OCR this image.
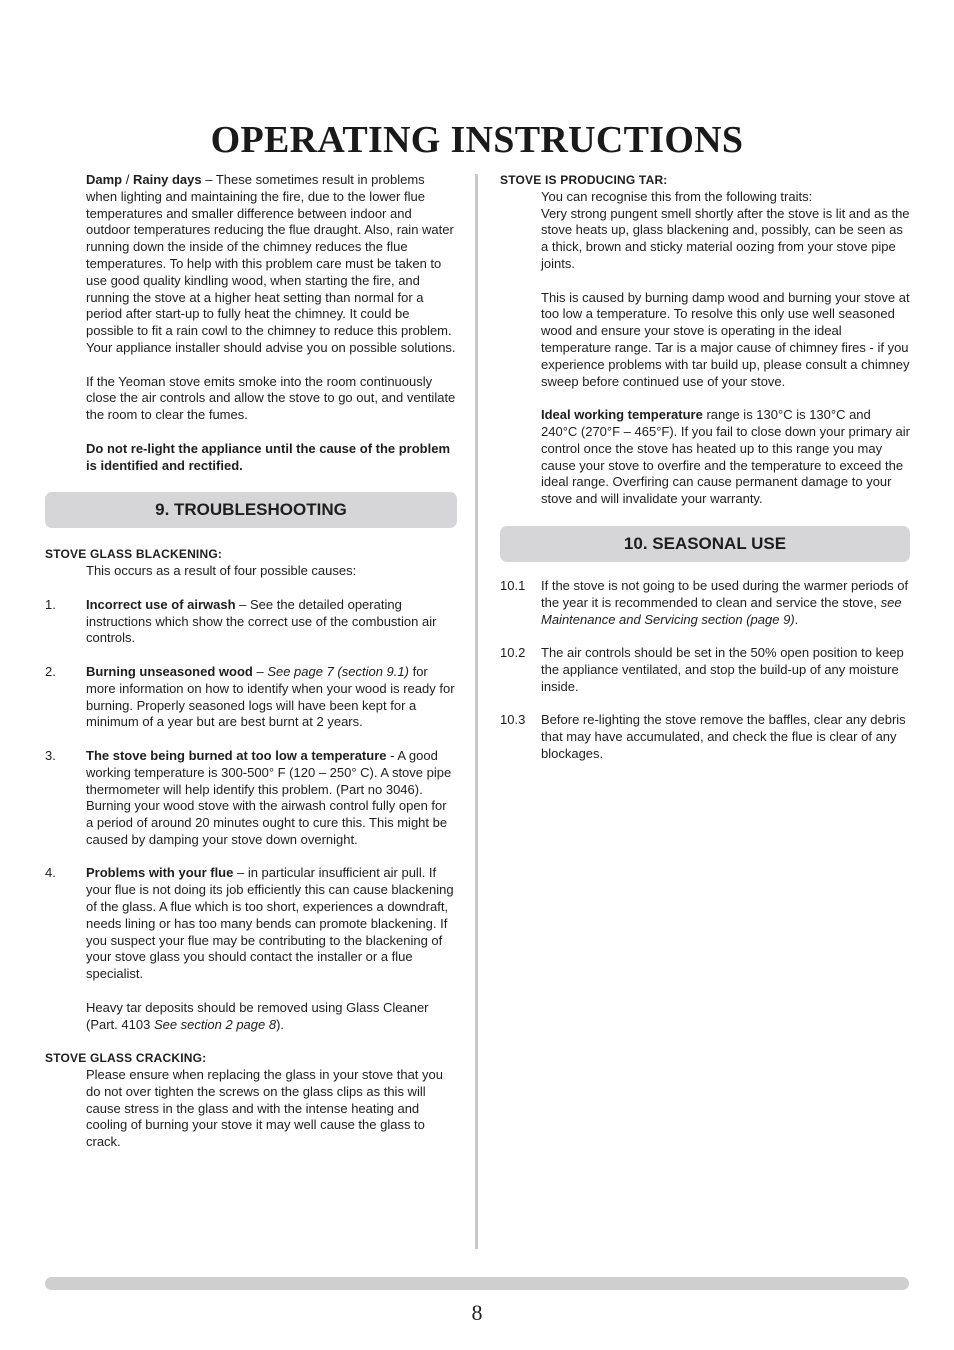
OPERATING INSTRUCTIONS

Damp / Rainy days – These sometimes result in problems when lighting and maintaining the fire, due to the lower flue temperatures and smaller difference between indoor and outdoor temperatures reducing the flue draught. Also, rain water running down the inside of the chimney reduces the flue temperatures. To help with this problem care must be taken to use good quality kindling wood, when starting the fire, and running the stove at a higher heat setting than normal for a period after start-up to fully heat the chimney. It could be possible to fit a rain cowl to the chimney to reduce this problem. Your appliance installer should advise you on possible solutions.

If the Yeoman stove emits smoke into the room continuously close the air controls and allow the stove to go out, and ventilate the room to clear the fumes.

Do not re-light the appliance until the cause of the problem is identified and rectified.

9. TROUBLESHOOTING

STOVE GLASS BLACKENING:

This occurs as a result of four possible causes:

1.	Incorrect use of airwash – See the detailed operating instructions which show the correct use of the combustion air controls.

2.	Burning unseasoned wood – See page 7 (section 9.1) for more information on how to identify when your wood is ready for burning. Properly seasoned logs will have been kept for a minimum of a year but are best burnt at 2 years.

3.	The stove being burned at too low a temperature - A good working temperature is 300-500° F (120 – 250° C). A stove pipe thermometer will help identify this problem. (Part no 3046). Burning your wood stove with the airwash control fully open for a period of around 20 minutes ought to cure this. This might be caused by damping your stove down overnight.

4.	Problems with your flue – in particular insufficient air pull. If your flue is not doing its job efficiently this can cause blackening of the glass. A flue which is too short, experiences a downdraft, needs lining or has too many bends can promote blackening. If you suspect your flue may be contributing to the blackening of your stove glass you should contact the installer or a flue specialist.

Heavy tar deposits should be removed using Glass Cleaner (Part. 4103 See section 2 page 8).

STOVE GLASS CRACKING:

Please ensure when replacing the glass in your stove that you do not over tighten the screws on the glass clips as this will cause stress in the glass and with the intense heating and cooling of burning your stove it may well cause the glass to crack.

STOVE IS PRODUCING TAR:

You can recognise this from the following traits:

Very strong pungent smell shortly after the stove is lit and as the stove heats up, glass blackening and, possibly, can be seen as a thick, brown and sticky material oozing from your stove pipe joints.

This is caused by burning damp wood and burning your stove at too low a temperature. To resolve this only use well seasoned wood and ensure your stove is operating in the ideal temperature range. Tar is a major cause of chimney fires - if you experience problems with tar build up, please consult a chimney sweep before continued use of your stove.

Ideal working temperature range is 130°C is 130°C and 240°C (270°F – 465°F). If you fail to close down your primary air control once the stove has heated up to this range you may cause your stove to overfire and the temperature to exceed the ideal range. Overfiring can cause permanent damage to your stove and will invalidate your warranty.

10. SEASONAL USE
10.1	If the stove is not going to be used during the warmer periods of the year it is recommended to clean and service the stove, see Maintenance and Servicing section (page 9).

10.2	The air controls should be set in the 50% open position to keep the appliance ventilated, and stop the build-up of any moisture inside.

10.3	Before re-lighting the stove remove the baffles, clear any debris that may have accumulated, and check the flue is clear of any blockages.

8
